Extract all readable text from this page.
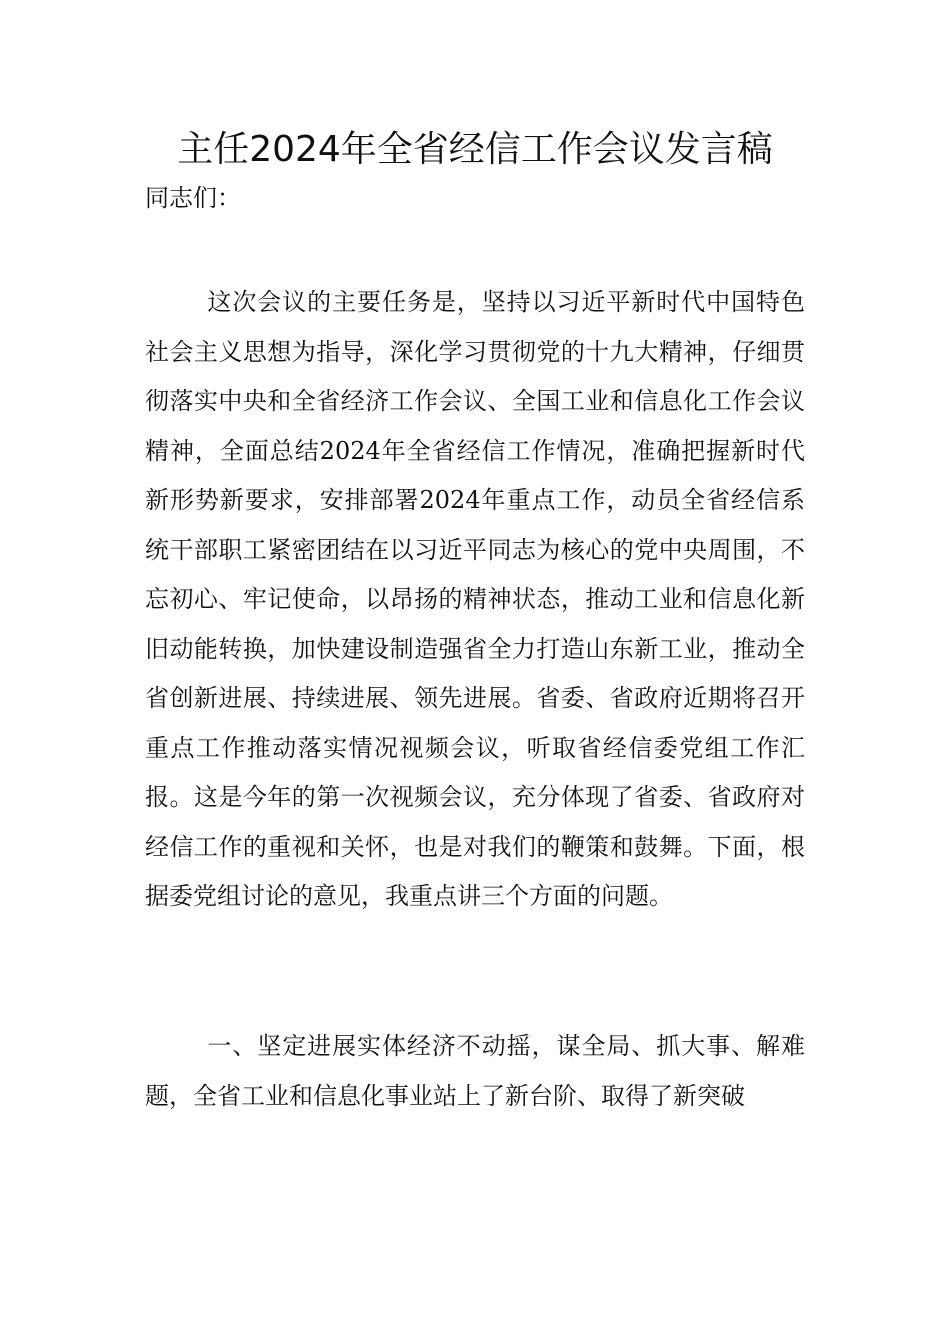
主任2024年全省经信工作会议发言稿

同志们：

这次会议的主要任务是，坚持以习近平新时代中国特色社会主义思想为指导，深化学习贯彻党的十九大精神，仔细贯彻落实中央和全省经济工作会议、全国工业和信息化工作会议精神，全面总结2024年全省经信工作情况，准确把握新时代新形势新要求，安排部署2024年重点工作，动员全省经信系统干部职工紧密团结在以习近平同志为核心的党中央周围，不忘初心、牢记使命，以昂扬的精神状态，推动工业和信息化新旧动能转换，加快建设制造强省全力打造山东新工业，推动全省创新进展、持续进展、领先进展。省委、省政府近期将召开重点工作推动落实情况视频会议，听取省经信委党组工作汇报。这是今年的第一次视频会议，充分体现了省委、省政府对经信工作的重视和关怀，也是对我们的鞭策和鼓舞。下面，根据委党组讨论的意见，我重点讲三个方面的问题。

一、坚定进展实体经济不动摇，谋全局、抓大事、解难题，全省工业和信息化事业站上了新台阶、取得了新突破
